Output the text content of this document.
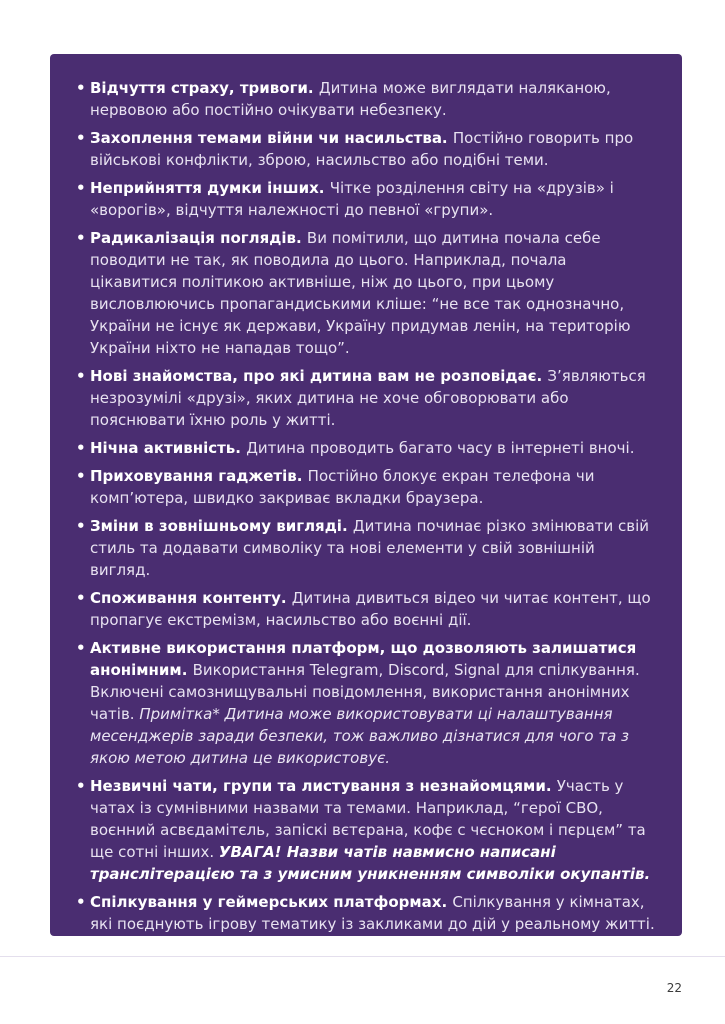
• Відчуття страху, тривоги. Дитина може виглядати наляканою, нервовою або постійно очікувати небезпеку.
• Захоплення темами війни чи насильства. Постійно говорить про військові конфлікти, зброю, насильство або подібні теми.
• Неприйняття думки інших. Чітке розділення світу на «друзів» і «ворогів», відчуття належності до певної «групи».
• Радикалізація поглядів. Ви помітили, що дитина почала себе поводити не так, як поводила до цього. Наприклад, почала цікавитися політикою активніше, ніж до цього, при цьому висловлюючись пропагандиськими кліше: “не все так однозначно, України не існує як держави, Україну придумав ленін, на територію України ніхто не нападав тощо”.
• Нові знайомства, про які дитина вам не розповідає. З’являються незрозумілі «друзі», яких дитина не хоче обговорювати або пояснювати їхню роль у житті.
• Нічна активність. Дитина проводить багато часу в інтернеті вночі.
• Приховування гаджетів. Постійно блокує екран телефона чи комп’ютера, швидко закриває вкладки браузера.
• Зміни в зовнішньому вигляді. Дитина починає різко змінювати свій стиль та додавати символіку та нові елементи у свій зовнішній вигляд.
• Споживання контенту. Дитина дивиться відео чи читає контент, що пропагує екстремізм, насильство або воєнні дії.
• Активне використання платформ, що дозволяють залишатися анонімним. Використання Telegram, Discord, Signal для спілкування. Включені самознищувальні повідомлення, використання анонімних чатів. Примітка* Дитина може використовувати ці налаштування месенджерів заради безпеки, тож важливо дізнатися для чого та з якою метою дитина це використовує.
• Незвичні чати, групи та листування з незнайомцями. Участь у чатах із сумнівними назвами та темами. Наприклад, “герої СВО, воєнний асвєдамітєль, запіскі вєтєрана, кофє с чєсноком і пєрцєм” та ще сотні інших. УВАГА! Назви чатів навмисно написані транслітерацією та з умисним уникненням символіки окупантів.
• Спілкування у геймерських платформах. Спілкування у кімнатах, які поєднують ігрову тематику із закликами до дій у реальному житті.
22
